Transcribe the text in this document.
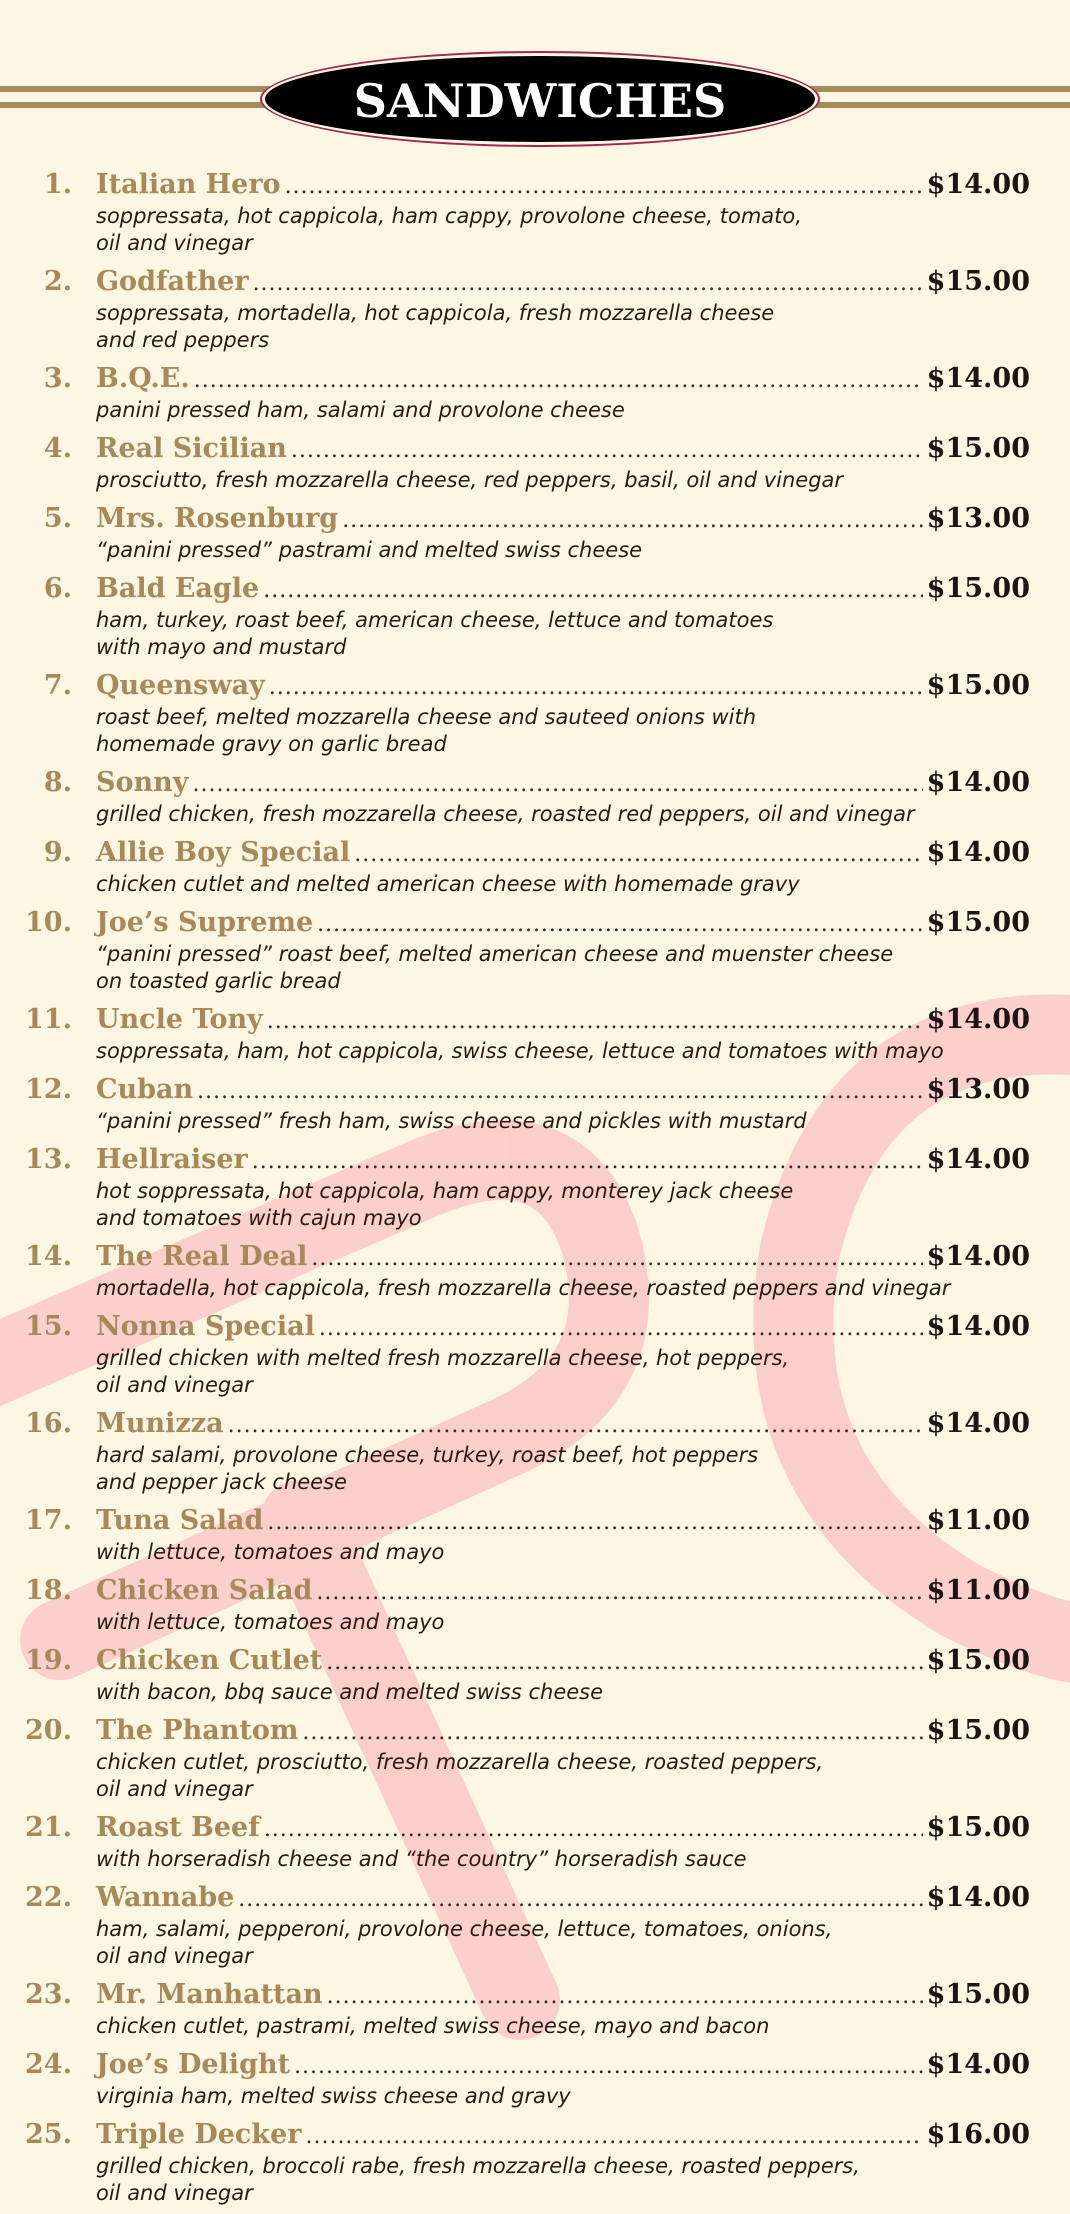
SANDWICHES
1. Italian Hero .....	$14.00
soppressata, hot cappicola, ham cappy, provolone cheese, tomato,
oil and vinegar
2. Godfather .....	$15.00
soppressata, mortadella, hot cappicola, fresh mozzarella cheese
and red peppers
3. B.Q.E. .....	$14.00
panini pressed ham, salami and provolone cheese
4. Real Sicilian .....	$15.00
prosciutto, fresh mozzarella cheese, red peppers, basil, oil and vinegar
5. Mrs. Rosenburg .....	$13.00
“panini pressed” pastrami and melted swiss cheese
6. Bald Eagle .....	$15.00
ham, turkey, roast beef, american cheese, lettuce and tomatoes
with mayo and mustard
7. Queensway .....	$15.00
roast beef, melted mozzarella cheese and sauteed onions with
homemade gravy on garlic bread
8. Sonny .....	$14.00
grilled chicken, fresh mozzarella cheese, roasted red peppers, oil and vinegar
9. Allie Boy Special .....	$14.00
chicken cutlet and melted american cheese with homemade gravy
10. Joe’s Supreme .....	$15.00
“panini pressed” roast beef, melted american cheese and muenster cheese
on toasted garlic bread
11. Uncle Tony .....	$14.00
soppressata, ham, hot cappicola, swiss cheese, lettuce and tomatoes with mayo
12. Cuban .....	$13.00
“panini pressed” fresh ham, swiss cheese and pickles with mustard
13. Hellraiser .....	$14.00
hot soppressata, hot cappicola, ham cappy, monterey jack cheese
and tomatoes with cajun mayo
14. The Real Deal .....	$14.00
mortadella, hot cappicola, fresh mozzarella cheese, roasted peppers and vinegar
15. Nonna Special .....	$14.00
grilled chicken with melted fresh mozzarella cheese, hot peppers,
oil and vinegar
16. Munizza .....	$14.00
hard salami, provolone cheese, turkey, roast beef, hot peppers
and pepper jack cheese
17. Tuna Salad .....	$11.00
with lettuce, tomatoes and mayo
18. Chicken Salad .....	$11.00
with lettuce, tomatoes and mayo
19. Chicken Cutlet .....	$15.00
with bacon, bbq sauce and melted swiss cheese
20. The Phantom .....	$15.00
chicken cutlet, prosciutto, fresh mozzarella cheese, roasted peppers,
oil and vinegar
21. Roast Beef .....	$15.00
with horseradish cheese and “the country” horseradish sauce
22. Wannabe .....	$14.00
ham, salami, pepperoni, provolone cheese, lettuce, tomatoes, onions,
oil and vinegar
23. Mr. Manhattan .....	$15.00
chicken cutlet, pastrami, melted swiss cheese, mayo and bacon
24. Joe’s Delight .....	$14.00
virginia ham, melted swiss cheese and gravy
25. Triple Decker .....	$16.00
grilled chicken, broccoli rabe, fresh mozzarella cheese, roasted peppers,
oil and vinegar
